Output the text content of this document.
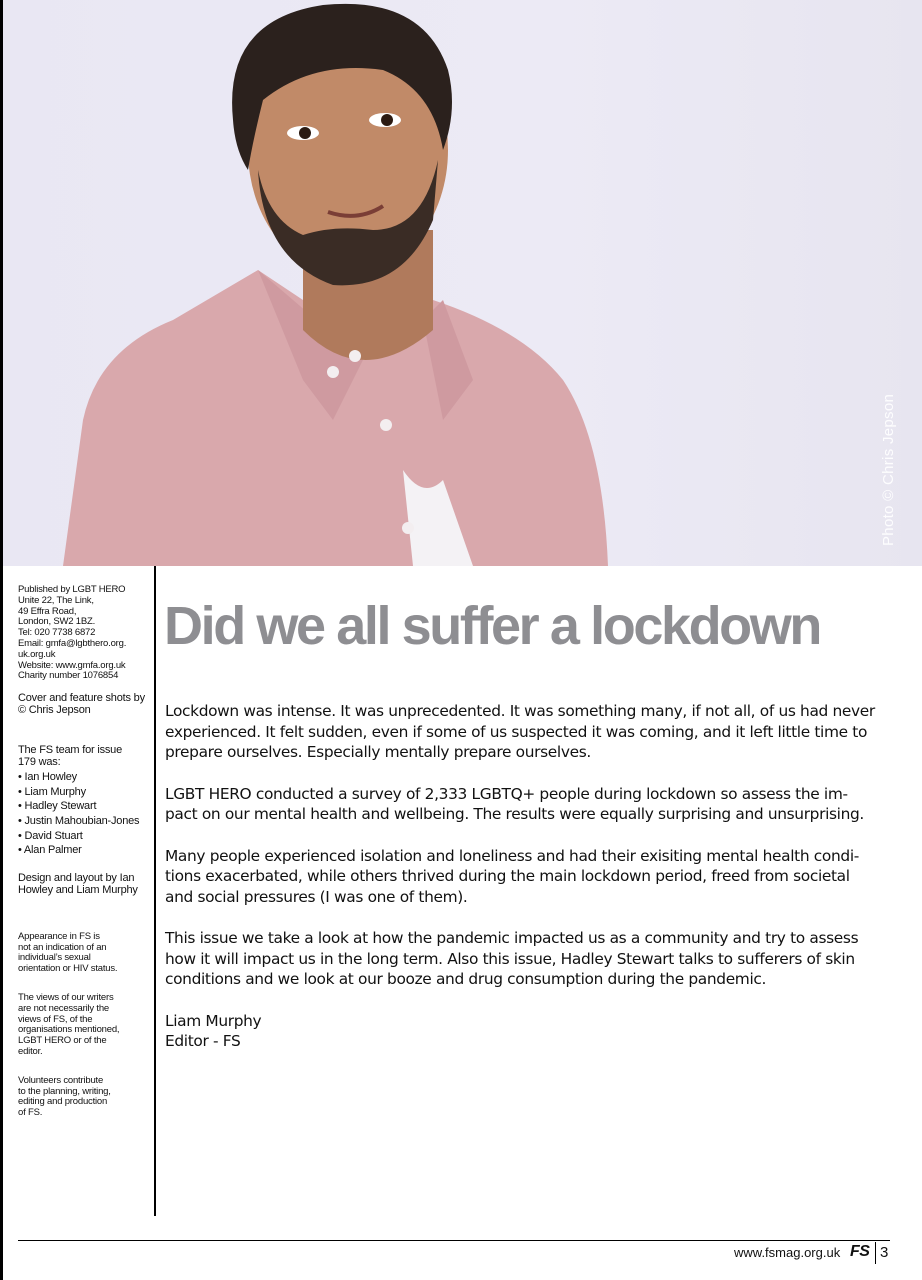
Photo © Chris Jepson

Published by LGBT HERO

Unite 22, The Link,

49 Effra Road,

London, SW2 1BZ.

Tel: 020 7738 6872

Email: gmfa@lgbthero.org.

uk.org.uk

Website: www.gmfa.org.uk

Charity number 1076854

Cover and feature shots by

© Chris Jepson

The FS team for issue

179 was:

• Ian Howley
• Liam Murphy
• Hadley Stewart
• Justin Mahoubian-Jones
• David Stuart
• Alan Palmer

Design and layout by Ian

Howley and Liam Murphy

Appearance in FS is

not an indication of an

individual’s sexual

orientation or HIV status.

The views of our writers

are not necessarily the

views of FS, of the

organisations mentioned,

LGBT HERO or of the

editor.

Volunteers contribute

to the planning, writing,

editing and production

of FS.

Did we all suffer a lockdown

Lockdown was intense. It was unprecedented. It was something many, if not all, of us had never
experienced. It felt sudden, even if some of us suspected it was coming, and it left little time to
prepare ourselves. Especially mentally prepare ourselves.

LGBT HERO conducted a survey of 2,333 LGBTQ+ people during lockdown so assess the im-
pact on our mental health and wellbeing. The results were equally surprising and unsurprising.

Many people experienced isolation and loneliness and had their exisiting mental health condi-
tions exacerbated, while others thrived during the main lockdown period, freed from societal
and social pressures (I was one of them).

This issue we take a look at how the pandemic impacted us as a community and try to assess
how it will impact us in the long term. Also this issue, Hadley Stewart talks to sufferers of skin
conditions and we look at our booze and drug consumption during the pandemic.

Liam Murphy

Editor - FS

www.fsmag.org.uk FS 3
